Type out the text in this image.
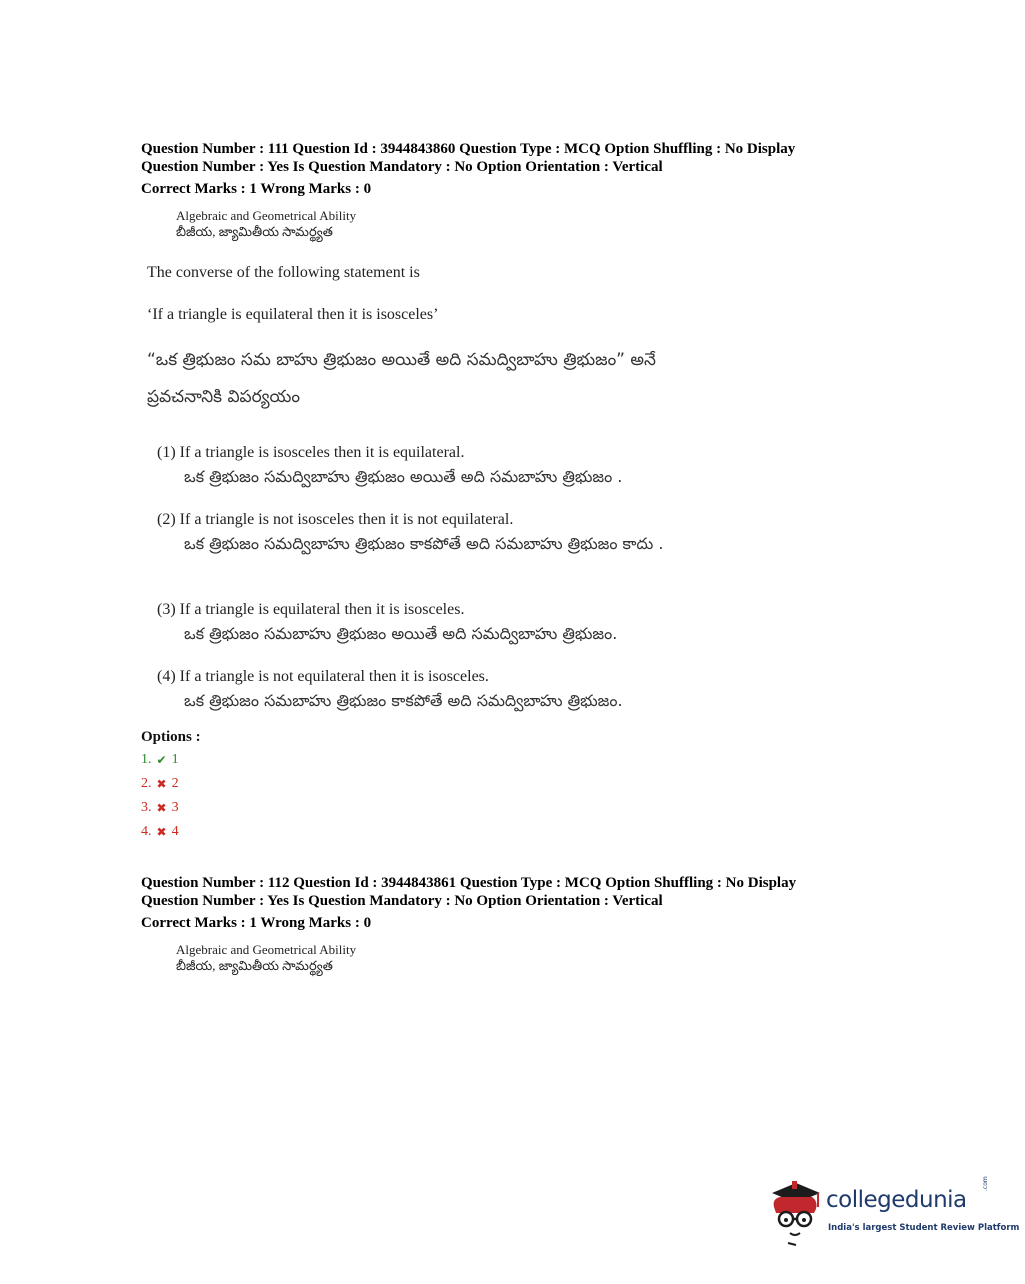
Question Number : 111 Question Id : 3944843860 Question Type : MCQ Option Shuffling : No Display
Question Number : Yes Is Question Mandatory : No Option Orientation : Vertical
Correct Marks : 1 Wrong Marks : 0
Algebraic and Geometrical Ability
బీజీయ, జ్యామితీయ సామర్థ్యత
The converse of the following statement is
‘If a triangle is equilateral then it is isosceles’
“ఒక త్రిభుజం సమ బాహు త్రిభుజం అయితే అది సమద్విబాహు త్రిభుజం” అనే
ప్రవచనానికి విపర్యయం
(1) If a triangle is isosceles then it is equilateral.
ఒక త్రిభుజం సమద్విబాహు త్రిభుజం అయితే అది సమబాహు త్రిభుజం .
(2) If a triangle is not isosceles then it is not equilateral.
ఒక త్రిభుజం సమద్విబాహు త్రిభుజం కాకపోతే అది సమబాహు త్రిభుజం కాదు .
(3) If a triangle is equilateral then it is isosceles.
ఒక త్రిభుజం సమబాహు త్రిభుజం అయితే అది సమద్విబాహు త్రిభుజం.
(4) If a triangle is not equilateral then it is isosceles.
ఒక త్రిభుజం సమబాహు త్రిభుజం కాకపోతే అది సమద్విబాహు త్రిభుజం.
Options :
1. ✔ 1
2. ✖ 2
3. ✖ 3
4. ✖ 4
Question Number : 112 Question Id : 3944843861 Question Type : MCQ Option Shuffling : No Display
Question Number : Yes Is Question Mandatory : No Option Orientation : Vertical
Correct Marks : 1 Wrong Marks : 0
Algebraic and Geometrical Ability
బీజీయ, జ్యామితీయ సామర్థ్యత
collegedunia
.com
India's largest Student Review Platform
